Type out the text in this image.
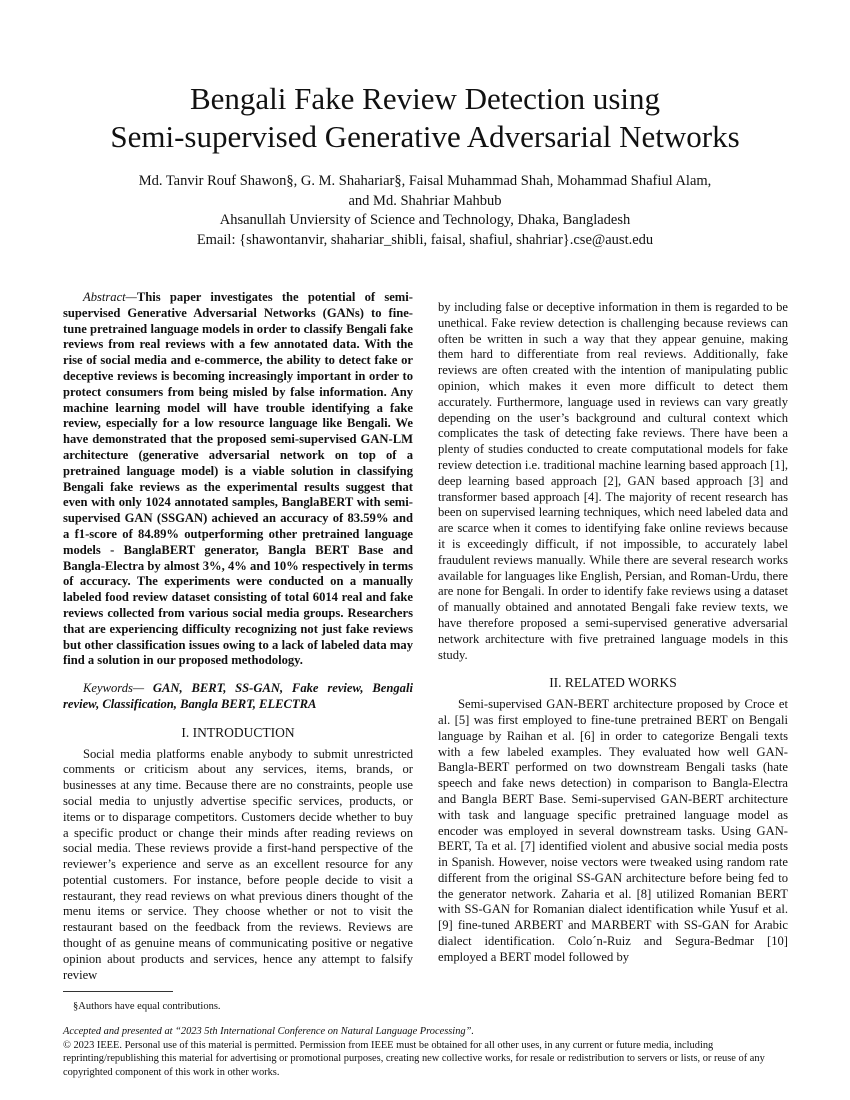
Bengali Fake Review Detection using
Semi-supervised Generative Adversarial Networks
Md. Tanvir Rouf Shawon§, G. M. Shahariar§, Faisal Muhammad Shah, Mohammad Shafiul Alam,
and Md. Shahriar Mahbub
Ahsanullah Unviersity of Science and Technology, Dhaka, Bangladesh
Email: {shawontanvir, shahariar_shibli, faisal, shafiul, shahriar}.cse@aust.edu

Abstract—This paper investigates the potential of semi-supervised Generative Adversarial Networks (GANs) to fine-tune pretrained language models in order to classify Bengali fake reviews from real reviews with a few annotated data. With the rise of social media and e-commerce, the ability to detect fake or deceptive reviews is becoming increasingly important in order to protect consumers from being misled by false information. Any machine learning model will have trouble identifying a fake review, especially for a low resource language like Bengali. We have demonstrated that the proposed semi-supervised GAN-LM architecture (generative adversarial network on top of a pretrained language model) is a viable solution in classifying Bengali fake reviews as the experimental results suggest that even with only 1024 annotated samples, BanglaBERT with semi-supervised GAN (SSGAN) achieved an accuracy of 83.59% and a f1-score of 84.89% outperforming other pretrained language models - BanglaBERT generator, Bangla BERT Base and Bangla-Electra by almost 3%, 4% and 10% respectively in terms of accuracy. The experiments were conducted on a manually labeled food review dataset consisting of total 6014 real and fake reviews collected from various social media groups. Researchers that are experiencing difficulty recognizing not just fake reviews but other classification issues owing to a lack of labeled data may find a solution in our proposed methodology.

Keywords— GAN, BERT, SS-GAN, Fake review, Bengali review, Classification, Bangla BERT, ELECTRA

I. INTRODUCTION

Social media platforms enable anybody to submit unrestricted comments or criticism about any services, items, brands, or businesses at any time. Because there are no constraints, people use social media to unjustly advertise specific services, products, or items or to disparage competitors. Customers decide whether to buy a specific product or change their minds after reading reviews on social media. These reviews provide a first-hand perspective of the reviewer’s experience and serve as an excellent resource for any potential customers. For instance, before people decide to visit a restaurant, they read reviews on what previous diners thought of the menu items or service. They choose whether or not to visit the restaurant based on the feedback from the reviews. Reviews are thought of as genuine means of communicating positive or negative opinion about products and services, hence any attempt to falsify review

§Authors have equal contributions.

by including false or deceptive information in them is regarded to be unethical. Fake review detection is challenging because reviews can often be written in such a way that they appear genuine, making them hard to differentiate from real reviews. Additionally, fake reviews are often created with the intention of manipulating public opinion, which makes it even more difficult to detect them accurately. Furthermore, language used in reviews can vary greatly depending on the user’s background and cultural context which complicates the task of detecting fake reviews. There have been a plenty of studies conducted to create computational models for fake review detection i.e. traditional machine learning based approach [1], deep learning based approach [2], GAN based approach [3] and transformer based approach [4]. The majority of recent research has been on supervised learning techniques, which need labeled data and are scarce when it comes to identifying fake online reviews because it is exceedingly difficult, if not impossible, to accurately label fraudulent reviews manually. While there are several research works available for languages like English, Persian, and Roman-Urdu, there are none for Bengali. In order to identify fake reviews using a dataset of manually obtained and annotated Bengali fake review texts, we have therefore proposed a semi-supervised generative adversarial network architecture with five pretrained language models in this study.

II. RELATED WORKS

Semi-supervised GAN-BERT architecture proposed by Croce et al. [5] was first employed to fine-tune pretrained BERT on Bengali language by Raihan et al. [6] in order to categorize Bengali texts with a few labeled examples. They evaluated how well GAN-Bangla-BERT performed on two downstream Bengali tasks (hate speech and fake news detection) in comparison to Bangla-Electra and Bangla BERT Base. Semi-supervised GAN-BERT architecture with task and language specific pretrained language model as encoder was employed in several downstream tasks. Using GAN-BERT, Ta et al. [7] identified violent and abusive social media posts in Spanish. However, noise vectors were tweaked using random rate different from the original SS-GAN architecture before being fed to the generator network. Zaharia et al. [8] utilized Romanian BERT with SS-GAN for Romanian dialect identification while Yusuf et al. [9] fine-tuned ARBERT and MARBERT with SS-GAN for Arabic dialect identification. Colo´n-Ruiz and Segura-Bedmar [10] employed a BERT model followed by

Accepted and presented at “2023 5th International Conference on Natural Language Processing”.
© 2023 IEEE. Personal use of this material is permitted. Permission from IEEE must be obtained for all other uses, in any current or future media, including reprinting/republishing this material for advertising or promotional purposes, creating new collective works, for resale or redistribution to servers or lists, or reuse of any copyrighted component of this work in other works.
